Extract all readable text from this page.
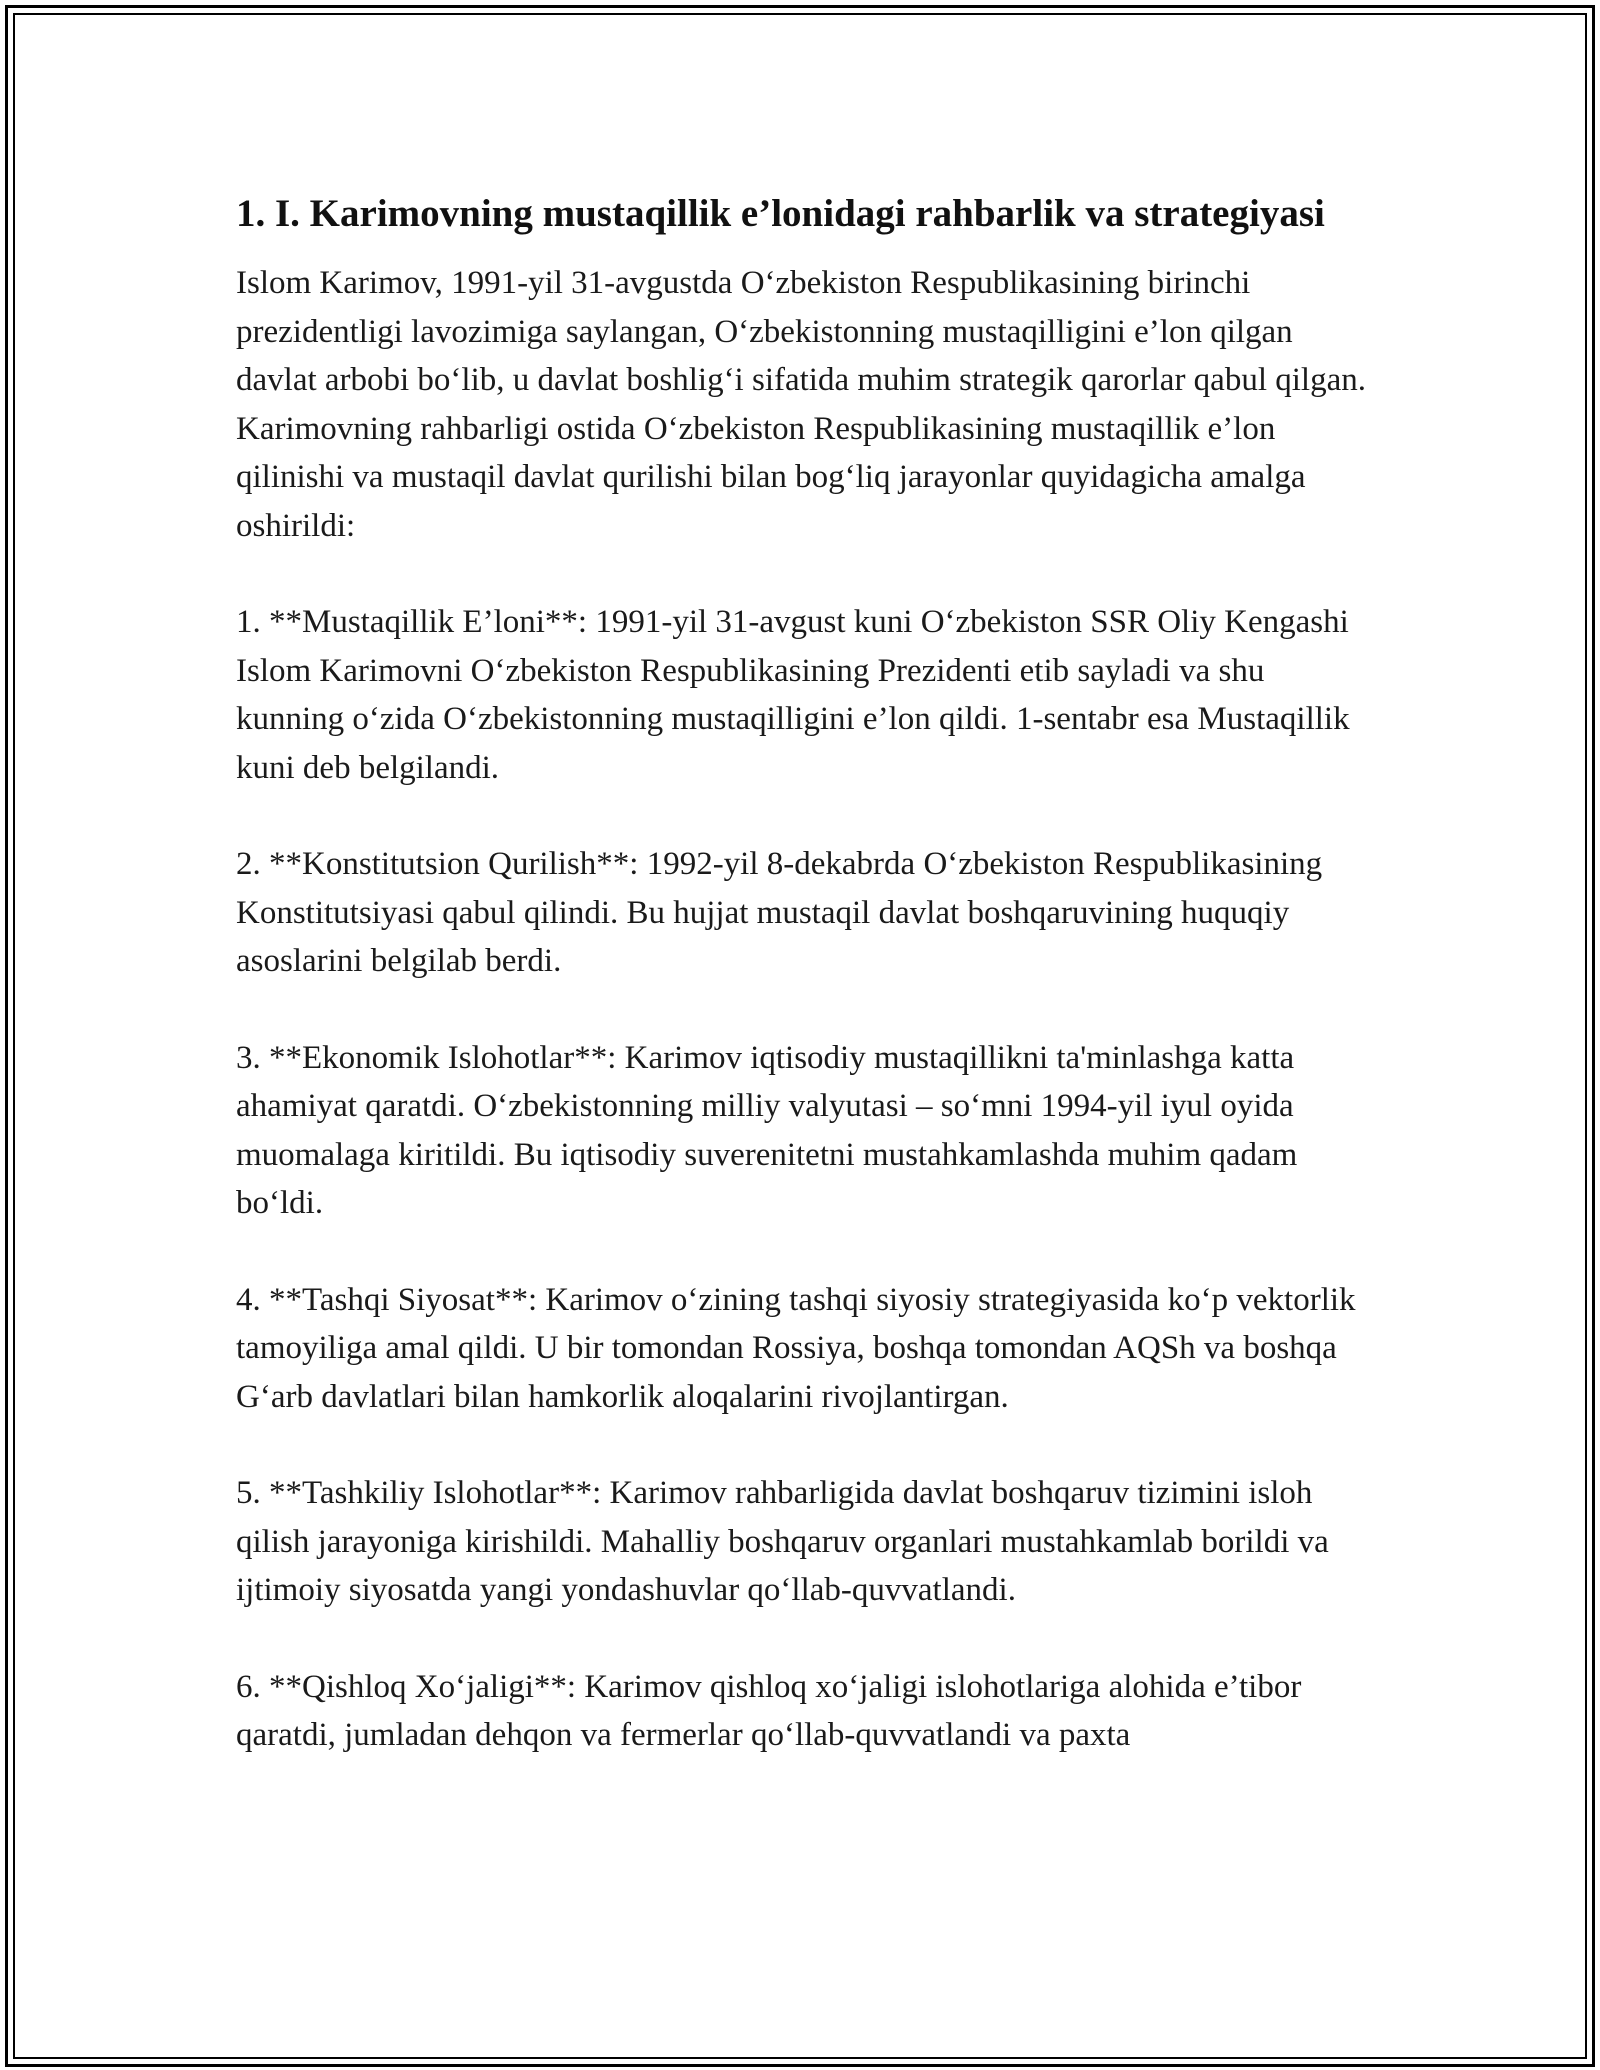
1. I. Karimovning mustaqillik e’lonidagi rahbarlik va strategiyasi

Islom Karimov, 1991-yil 31-avgustda O‘zbekiston Respublikasining birinchi prezidentligi lavozimiga saylangan, O‘zbekistonning mustaqilligini e’lon qilgan davlat arbobi bo‘lib, u davlat boshlig‘i sifatida muhim strategik qarorlar qabul qilgan. Karimovning rahbarligi ostida O‘zbekiston Respublikasining mustaqillik e’lon qilinishi va mustaqil davlat qurilishi bilan bog‘liq jarayonlar quyidagicha amalga oshirildi:

1. **Mustaqillik E’loni**: 1991-yil 31-avgust kuni O‘zbekiston SSR Oliy Kengashi Islom Karimovni O‘zbekiston Respublikasining Prezidenti etib sayladi va shu kunning o‘zida O‘zbekistonning mustaqilligini e’lon qildi. 1-sentabr esa Mustaqillik kuni deb belgilandi.

2. **Konstitutsion Qurilish**: 1992-yil 8-dekabrda O‘zbekiston Respublikasining Konstitutsiyasi qabul qilindi. Bu hujjat mustaqil davlat boshqaruvining huquqiy asoslarini belgilab berdi.

3. **Ekonomik Islohotlar**: Karimov iqtisodiy mustaqillikni ta'minlashga katta ahamiyat qaratdi. O‘zbekistonning milliy valyutasi – so‘mni 1994-yil iyul oyida muomalaga kiritildi. Bu iqtisodiy suverenitetni mustahkamlashda muhim qadam bo‘ldi.

4. **Tashqi Siyosat**: Karimov o‘zining tashqi siyosiy strategiyasida ko‘p vektorlik tamoyiliga amal qildi. U bir tomondan Rossiya, boshqa tomondan AQSh va boshqa G‘arb davlatlari bilan hamkorlik aloqalarini rivojlantirgan.

5. **Tashkiliy Islohotlar**: Karimov rahbarligida davlat boshqaruv tizimini isloh qilish jarayoniga kirishildi. Mahalliy boshqaruv organlari mustahkamlab borildi va ijtimoiy siyosatda yangi yondashuvlar qo‘llab-quvvatlandi.

6. **Qishloq Xo‘jaligi**: Karimov qishloq xo‘jaligi islohotlariga alohida e’tibor qaratdi, jumladan dehqon va fermerlar qo‘llab-quvvatlandi va paxta
